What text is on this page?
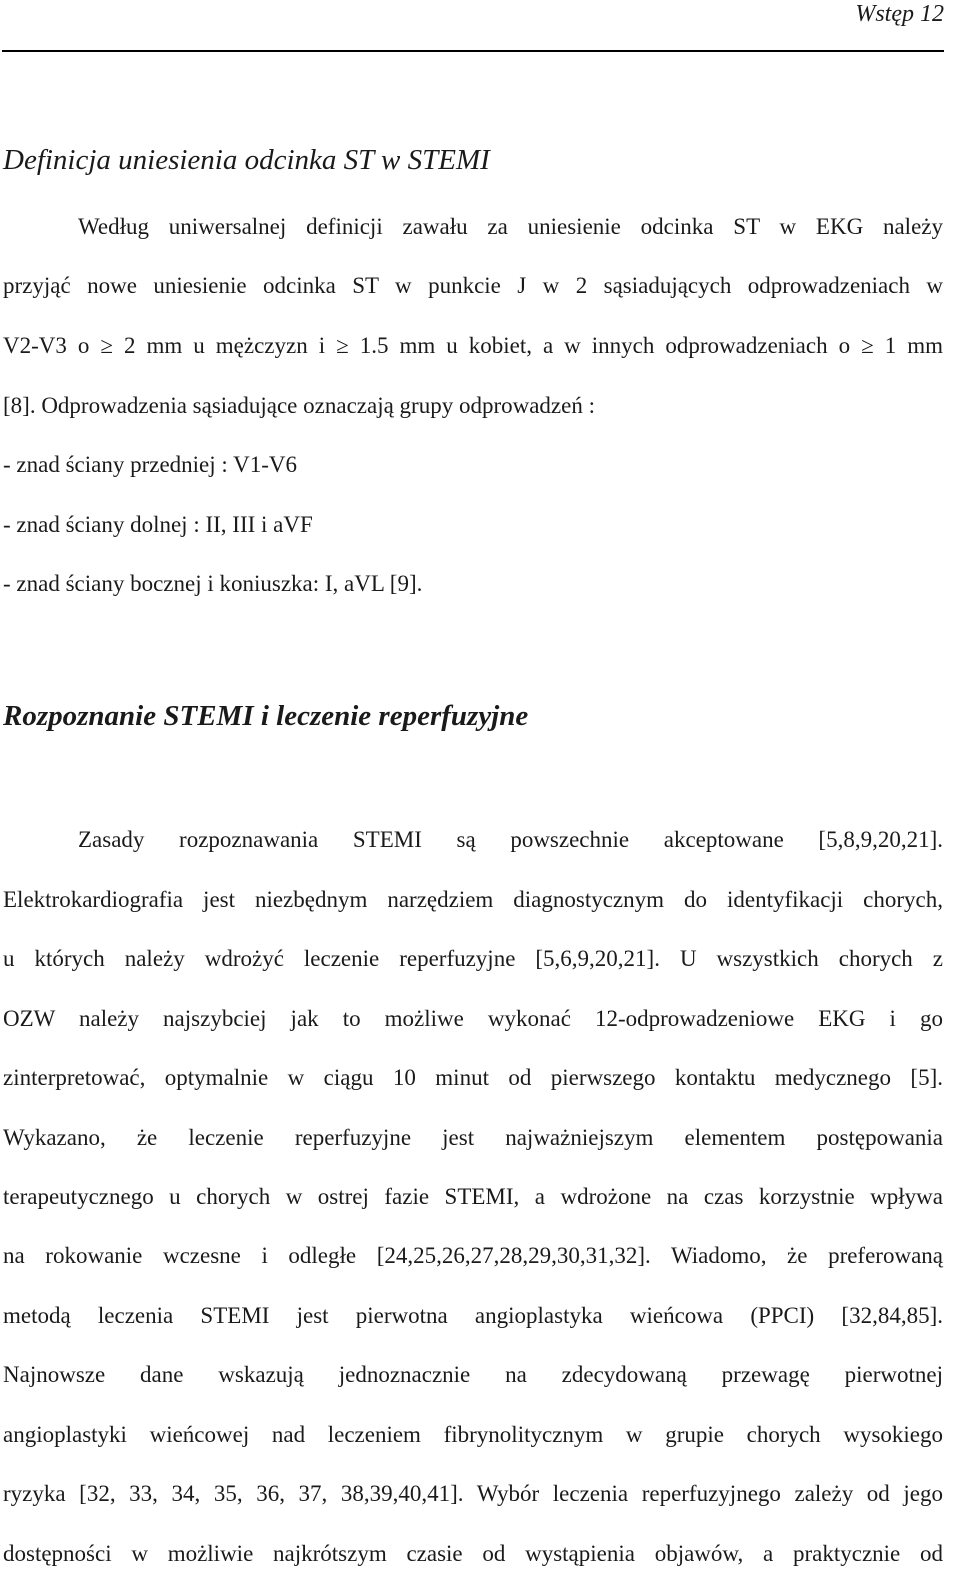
Wstęp 12
Definicja uniesienia odcinka ST w STEMI

Według uniwersalnej definicji zawału za uniesienie odcinka ST w EKG należy

przyjąć nowe uniesienie odcinka ST w punkcie J w 2 sąsiadujących odprowadzeniach w

V2-V3 o ≥ 2 mm u mężczyzn i ≥ 1.5 mm u kobiet, a w innych odprowadzeniach o ≥ 1 mm

[8]. Odprowadzenia sąsiadujące oznaczają grupy odprowadzeń :

- znad ściany przedniej : V1-V6

- znad ściany dolnej : II, III i aVF

- znad ściany bocznej i koniuszka: I, aVL [9].

Rozpoznanie STEMI i leczenie reperfuzyjne

Zasady rozpoznawania STEMI są powszechnie akceptowane [5,8,9,20,21].

Elektrokardiografia jest niezbędnym narzędziem diagnostycznym do identyfikacji chorych,

u których należy wdrożyć leczenie reperfuzyjne [5,6,9,20,21]. U wszystkich chorych z

OZW należy najszybciej jak to możliwe wykonać 12-odprowadzeniowe EKG i go

zinterpretować, optymalnie w ciągu 10 minut od pierwszego kontaktu medycznego [5].

Wykazano, że leczenie reperfuzyjne jest najważniejszym elementem postępowania

terapeutycznego u chorych w ostrej fazie STEMI, a wdrożone na czas korzystnie wpływa

na rokowanie wczesne i odległe [24,25,26,27,28,29,30,31,32]. Wiadomo, że preferowaną

metodą leczenia STEMI jest pierwotna angioplastyka wieńcowa (PPCI) [32,84,85].

Najnowsze dane wskazują jednoznacznie na zdecydowaną przewagę pierwotnej

angioplastyki wieńcowej nad leczeniem fibrynolitycznym w grupie chorych wysokiego

ryzyka [32, 33, 34, 35, 36, 37, 38,39,40,41]. Wybór leczenia reperfuzyjnego zależy od jego

dostępności w możliwie najkrótszym czasie od wystąpienia objawów, a praktycznie od
